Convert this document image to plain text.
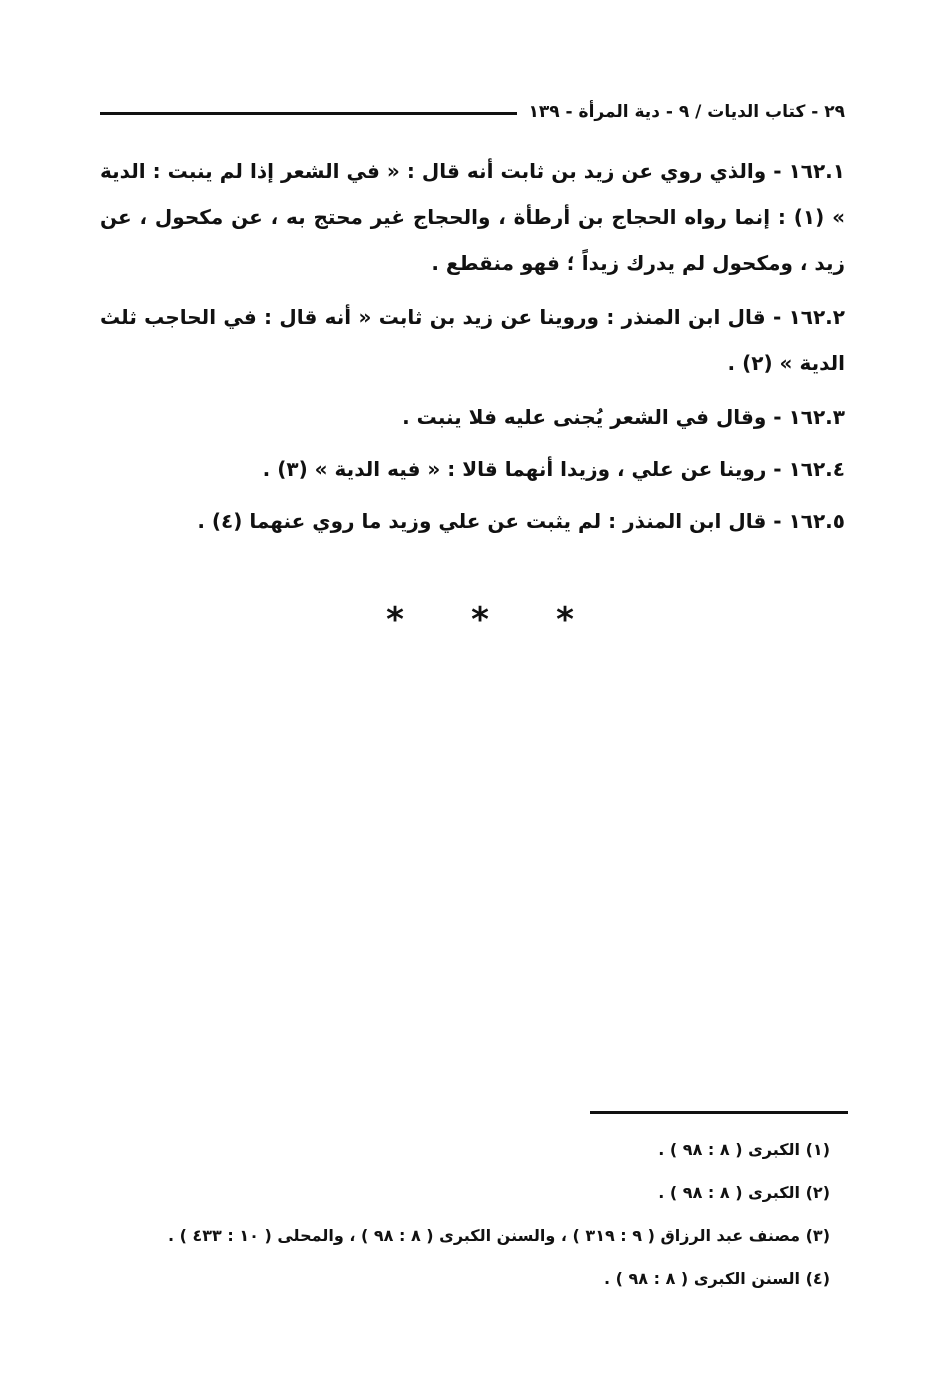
٢٩ - كتاب الديات / ٩ - دية المرأة - ١٣٩

١٦٢.١ - والذي روي عن زيد بن ثابت أنه قال : « في الشعر إذا لم ينبت : الدية » (١) : إنما رواه الحجاج بن أرطأة ، والحجاج غير محتج به ، عن مكحول ، عن زيد ، ومكحول لم يدرك زيداً ؛ فهو منقطع .

١٦٢.٢ - قال ابن المنذر : وروينا عن زيد بن ثابت « أنه قال : في الحاجب ثلث الدية » (٢) .

١٦٢.٣ - وقال في الشعر يُجنى عليه فلا ينبت .

١٦٢.٤ - روينا عن علي ، وزيدا أنهما قالا : « فيه الدية » (٣) .

١٦٢.٥ - قال ابن المنذر : لم يثبت عن علي وزيد ما روي عنهما (٤) .

*
*
*
(١) الكبرى ( ٨ : ٩٨ ) .
(٢) الكبرى ( ٨ : ٩٨ ) .
(٣) مصنف عبد الرزاق ( ٩ : ٣١٩ ) ، والسنن الكبرى ( ٨ : ٩٨ ) ، والمحلى ( ١٠ : ٤٣٣ ) .
(٤) السنن الكبرى ( ٨ : ٩٨ ) .
